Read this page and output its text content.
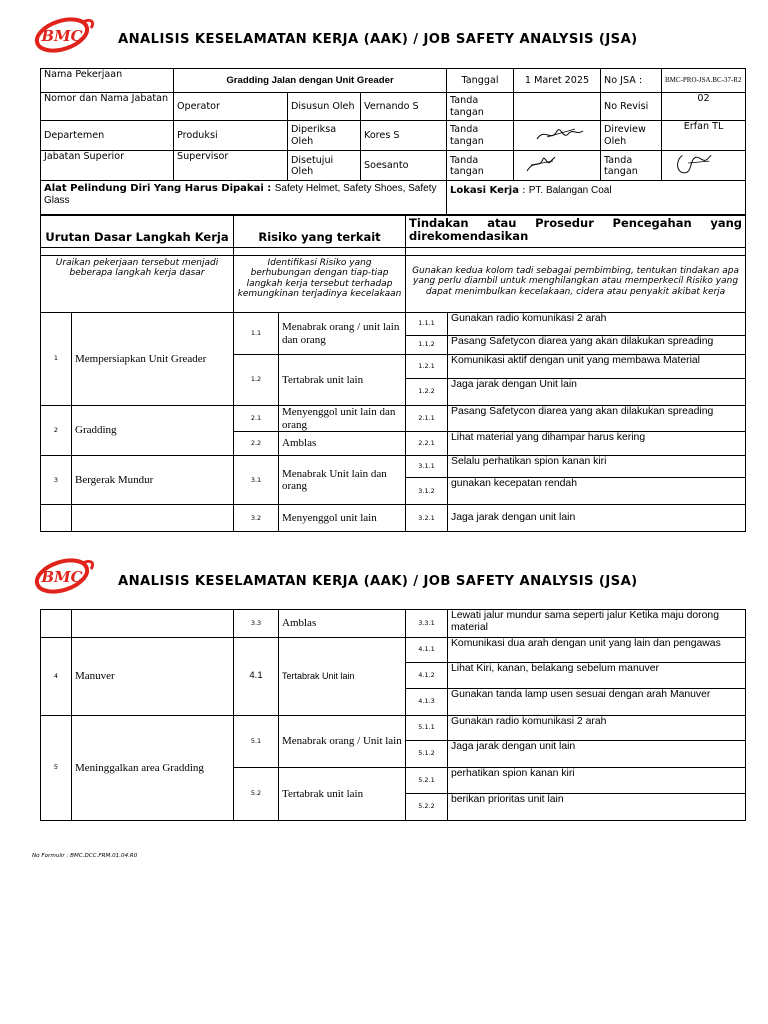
BMC	ANALISIS KESELAMATAN KERJA (AAK) / JOB SAFETY ANALYSIS (JSA)
Nama Pekerjaan	Gradding Jalan dengan Unit Greader			Tanggal	1 Maret 2025	No JSA :	BMC-PRO-JSA.BC-37-R2
Nomor dan Nama Jabatan	Operator	Disusun Oleh	Vernando S	Tanda tangan		No Revisi	02
Departemen	Produksi	Diperiksa Oleh	Kores S	Tanda tangan		Direview Oleh	Erfan TL
Jabatan Superior	Supervisor	Disetujui Oleh	Soesanto	Tanda tangan		Tanda tangan	
Alat Pelindung Diri Yang Harus Dipakai : Safety Helmet, Safety Shoes, Safety Glass				Lokasi Kerja : PT. Balangan Coal			
Urutan Dasar Langkah Kerja		Risiko yang terkait		Tindakan atau Prosedur Pencegahan yang direkomendasikan	

Uraikan pekerjaan tersebut menjadi beberapa langkah kerja dasar		Identifikasi Risiko yang berhubungan dengan tiap-tiap langkah kerja tersebut terhadap kemungkinan terjadinya kecelakaan		Gunakan kedua kolom tadi sebagai pembimbing, tentukan tindakan apa yang perlu diambil untuk menghilangkan atau memperkecil Risiko yang dapat menimbulkan kecelakaan, cidera atau penyakit akibat kerja	
1	Mempersiapkan Unit Greader	1.1	Menabrak orang / unit lain dan orang	1.1.1	Gunakan radio komunikasi 2 arah
				1.1.2	Pasang Safetycon diarea yang akan dilakukan spreading
		1.2	Tertabrak unit lain	1.2.1	Komunikasi aktif dengan unit yang membawa Material
				1.2.2	Jaga jarak dengan Unit lain
2	Gradding	2.1	Menyenggol unit lain dan orang	2.1.1	Pasang Safetycon diarea yang akan dilakukan spreading
		2.2	Amblas	2.2.1	Lihat material yang dihampar harus kering
3	Bergerak Mundur	3.1	Menabrak Unit lain dan orang	3.1.1	Selalu perhatikan spion kanan kiri
				3.1.2	gunakan kecepatan rendah
		3.2	Menyenggol unit lain	3.2.1	Jaga jarak dengan unit lain
BMC	ANALISIS KESELAMATAN KERJA (AAK) / JOB SAFETY ANALYSIS (JSA)
		3.3	Amblas	3.3.1	Lewati jalur mundur sama seperti jalur Ketika maju dorong material
4	Manuver	4.1	Tertabrak Unit lain	4.1.1	Komunikasi dua arah dengan unit yang lain dan pengawas
				4.1.2	Lihat Kiri, kanan, belakang sebelum manuver
				4.1.3	Gunakan tanda lamp usen sesuai dengan arah Manuver
5	Meninggalkan area Gradding	5.1	Menabrak orang / Unit lain	5.1.1	Gunakan radio komunikasi 2 arah
				5.1.2	Jaga jarak dengan unit lain
		5.2	Tertabrak unit lain	5.2.1	perhatikan spion kanan kiri
				5.2.2	berikan prioritas unit lain
No Formulir : BMC.DCC.FRM.01.04.R0
